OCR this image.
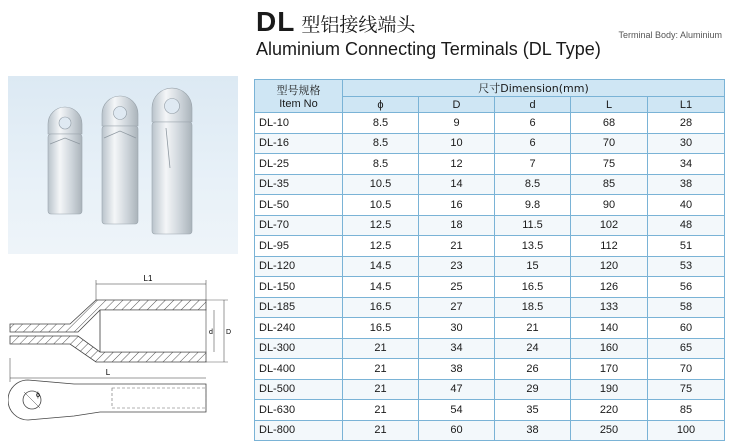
DL 型铝接线端头
Aluminium Connecting Terminals (DL Type)
Terminal Body: Aluminium
L1
L
d D
ϕ
型号规格
Item No	尺寸Dimension(mm)				
	ϕ	D	d	L	L1
DL-10	8.5	9	6	68	28
DL-16	8.5	10	6	70	30
DL-25	8.5	12	7	75	34
DL-35	10.5	14	8.5	85	38
DL-50	10.5	16	9.8	90	40
DL-70	12.5	18	11.5	102	48
DL-95	12.5	21	13.5	112	51
DL-120	14.5	23	15	120	53
DL-150	14.5	25	16.5	126	56
DL-185	16.5	27	18.5	133	58
DL-240	16.5	30	21	140	60
DL-300	21	34	24	160	65
DL-400	21	38	26	170	70
DL-500	21	47	29	190	75
DL-630	21	54	35	220	85
DL-800	21	60	38	250	100
